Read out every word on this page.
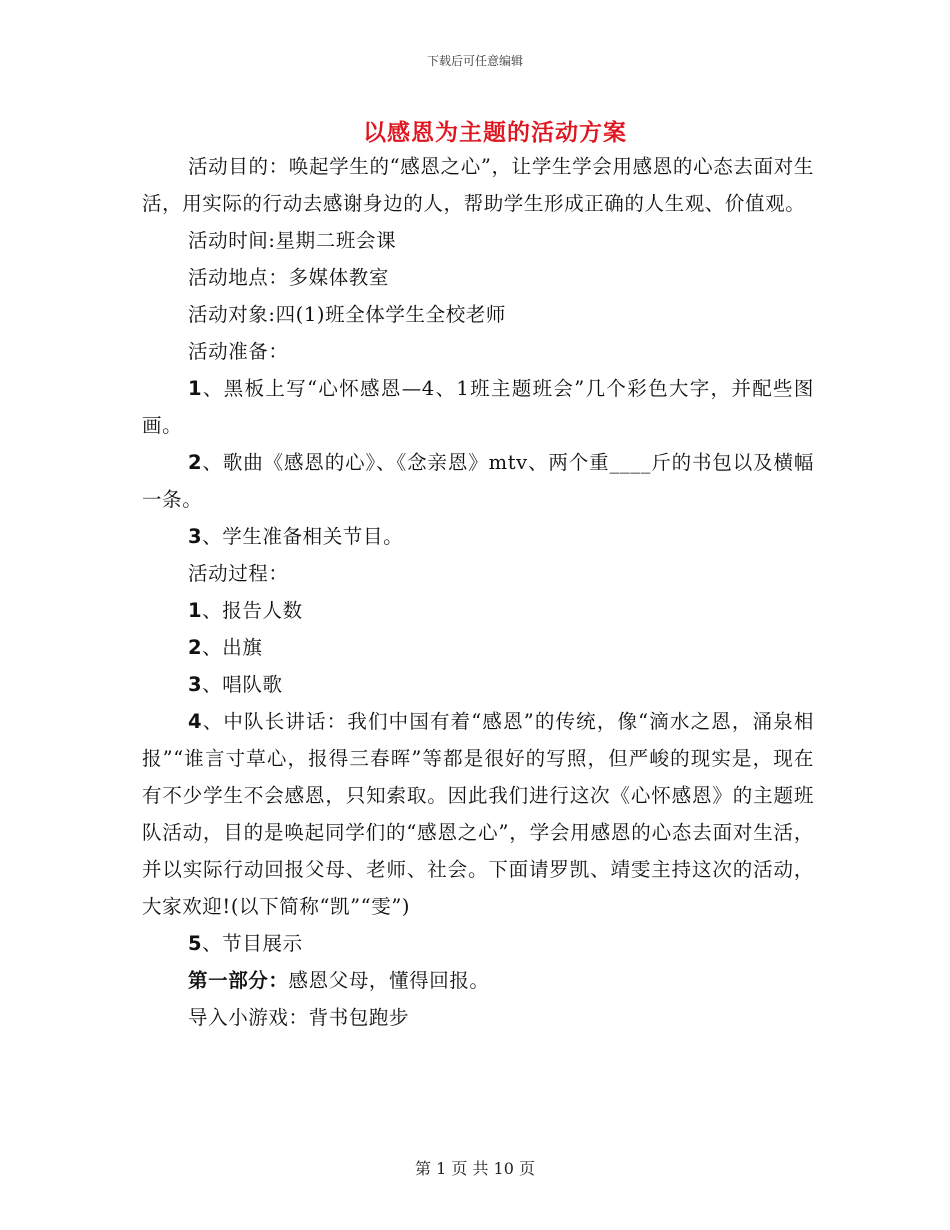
下载后可任意编辑
以感恩为主题的活动方案

活动目的：唤起学生的“感恩之心”，让学生学会用感恩的心态去面对生活，用实际的行动去感谢身边的人，帮助学生形成正确的人生观、价值观。

活动时间:星期二班会课

活动地点：多媒体教室

活动对象:四(1)班全体学生全校老师

活动准备：

1、黑板上写“心怀感恩—4、1班主题班会”几个彩色大字，并配些图画。

2、歌曲《感恩的心》、《念亲恩》mtv、两个重____斤的书包以及横幅一条。

3、学生准备相关节目。

活动过程：

1、报告人数

2、出旗

3、唱队歌

4、中队长讲话：我们中国有着“感恩”的传统，像“滴水之恩，涌泉相报”“谁言寸草心，报得三春晖”等都是很好的写照，但严峻的现实是，现在有不少学生不会感恩，只知索取。因此我们进行这次《心怀感恩》的主题班队活动，目的是唤起同学们的“感恩之心”，学会用感恩的心态去面对生活，并以实际行动回报父母、老师、社会。下面请罗凯、靖雯主持这次的活动，大家欢迎!(以下简称“凯”“雯”)

5、节目展示

第一部分：感恩父母，懂得回报。

导入小游戏：背书包跑步

第 1 页 共 10 页
